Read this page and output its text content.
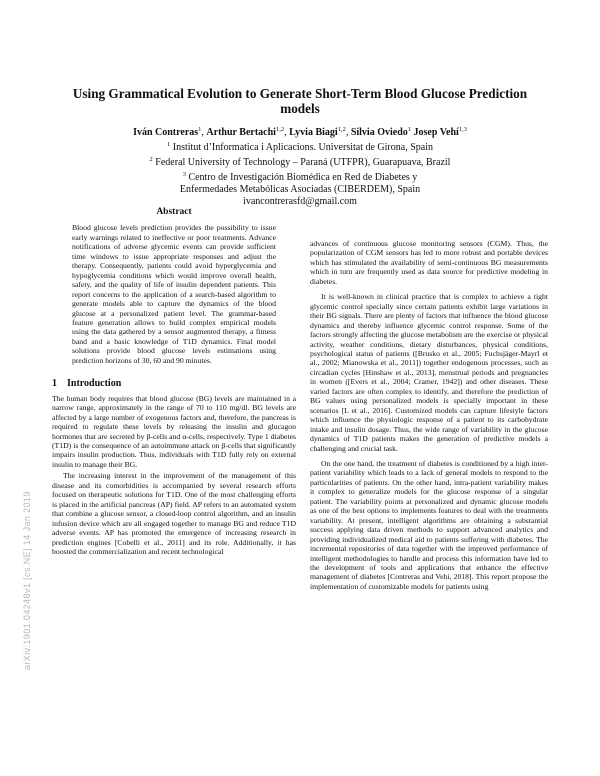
arXiv:1901.04248v1 [cs.NE] 14 Jan 2019
Using Grammatical Evolution to Generate Short-Term Blood Glucose Prediction models
Iván Contreras$^1$, Arthur Bertachi$^{1,2}$, Lyvia Biagi$^{1,2}$, Silvia Oviedo$^1$ Josep Vehí$^{1,3}$
$^1$ Institut d’Informatica i Aplicacions. Universitat de Girona, Spain
$^2$ Federal University of Technology – Paraná (UTFPR), Guarapuava, Brazil
$^3$ Centro de Investigación Biomédica en Red de Diabetes y
Enfermedades Metabólicas Asociadas (CIBERDEM), Spain
ivancontrerasfd@gmail.com
Abstract

Blood glucose levels prediction provides the possibility to issue early warnings related to ineffective or poor treatments. Advance notifications of adverse glycemic events can provide sufficient time windows to issue appropriate responses and adjust the therapy. Consequently, patients could avoid hyperglycemia and hypoglycemia conditions which would improve overall health, safety, and the quality of life of insulin dependent patients. This report concerns to the application of a search-based algorithm to generate models able to capture the dynamics of the blood glucose at a personalized patient level. The grammar-based feature generation allows to build complex empirical models using the data gathered by a sensor augmented therapy, a fitness band and a basic knowledge of T1D dynamics. Final model solutions provide blood glucose levels estimations using prediction horizons of 30, 60 and 90 minutes.

1 Introduction

The human body requires that blood glucose (BG) levels are maintained in a narrow range, approximately in the range of 70 to 110 mg/dl. BG levels are affected by a large number of exogenous factors and, therefore, the pancreas is required to regulate these levels by releasing the insulin and glucagon hormones that are secreted by β-cells and α-cells, respectively. Type 1 diabetes (T1D) is the consequence of an autoimmune attack on β-cells that significantly impairs insulin production. Thus, individuals with T1D fully rely on external insulin to manage their BG.

The increasing interest in the improvement of the management of this disease and its comorbidities is accompanied by several research efforts focused on therapeutic solutions for T1D. One of the most challenging efforts is placed in the artificial pancreas (AP) field. AP refers to an automated system that combine a glucose sensor, a closed-loop control algorithm, and an insulin infusion device which are all engaged together to manage BG and reduce T1D adverse events. AP has promoted the emergence of increasing research in prediction engines [Cobelli et al., 2011] and its role. Additionally, it has boosted the commercialization and recent technological

advances of continuous glucose monitoring sensors (CGM). Thus, the popularization of CGM sensors has led to more robust and portable devices which has stimulated the availability of semi-continuous BG measurements which in turn are frequently used as data source for predictive modeling in diabetes.

It is well-known in clinical practice that is complex to achieve a tight glycemic control specially since certain patients exhibit large variations in their BG signals. There are plenty of factors that influence the blood glucose dynamics and thereby influence glycemic control response. Some of the factors strongly affecting the glucose metabolism are the exercise or physical activity, weather conditions, dietary disturbances, physical conditions, psychological status of patients ([Brusko et al., 2005; Fuchsjäger-Mayrl et al., 2002; Mianowska et al., 2011]) together endogenous processes, such as circadian cycles [Hinshaw et al., 2013], menstrual periods and pregnancies in women ([Evers et al., 2004; Cramer, 1942]) and other diseases. These varied factors are often complex to identify, and therefore the prediction of BG values using personalized models is specially important in these scenarios [L et al., 2016]. Customized models can capture lifestyle factors which influence the physiologic response of a patient to its carbohydrate intake and insulin dosage. Thus, the wide range of variability in the glucose dynamics of T1D patients makes the generation of predictive models a challenging and crucial task.

On the one hand, the treatment of diabetes is conditioned by a high inter-patient variability which leads to a lack of general models to respond to the particularities of patients. On the other hand, intra-patient variability makes it complex to generalize models for the glucose response of a singular patient. The variability points at personalized and dynamic glucose models as one of the best options to implements features to deal with the treatments variability. At present, intelligent algorithms are obtaining a substantial success applying data driven methods to support advanced analytics and providing individualized medical aid to patients suffering with diabetes. The incremental repositories of data together with the improved performance of intelligent methodologies to handle and process this information have led to the development of tools and applications that enhance the effective management of diabetes [Contreras and Vehi, 2018]. This report propose the implementation of customizable models for patients using
